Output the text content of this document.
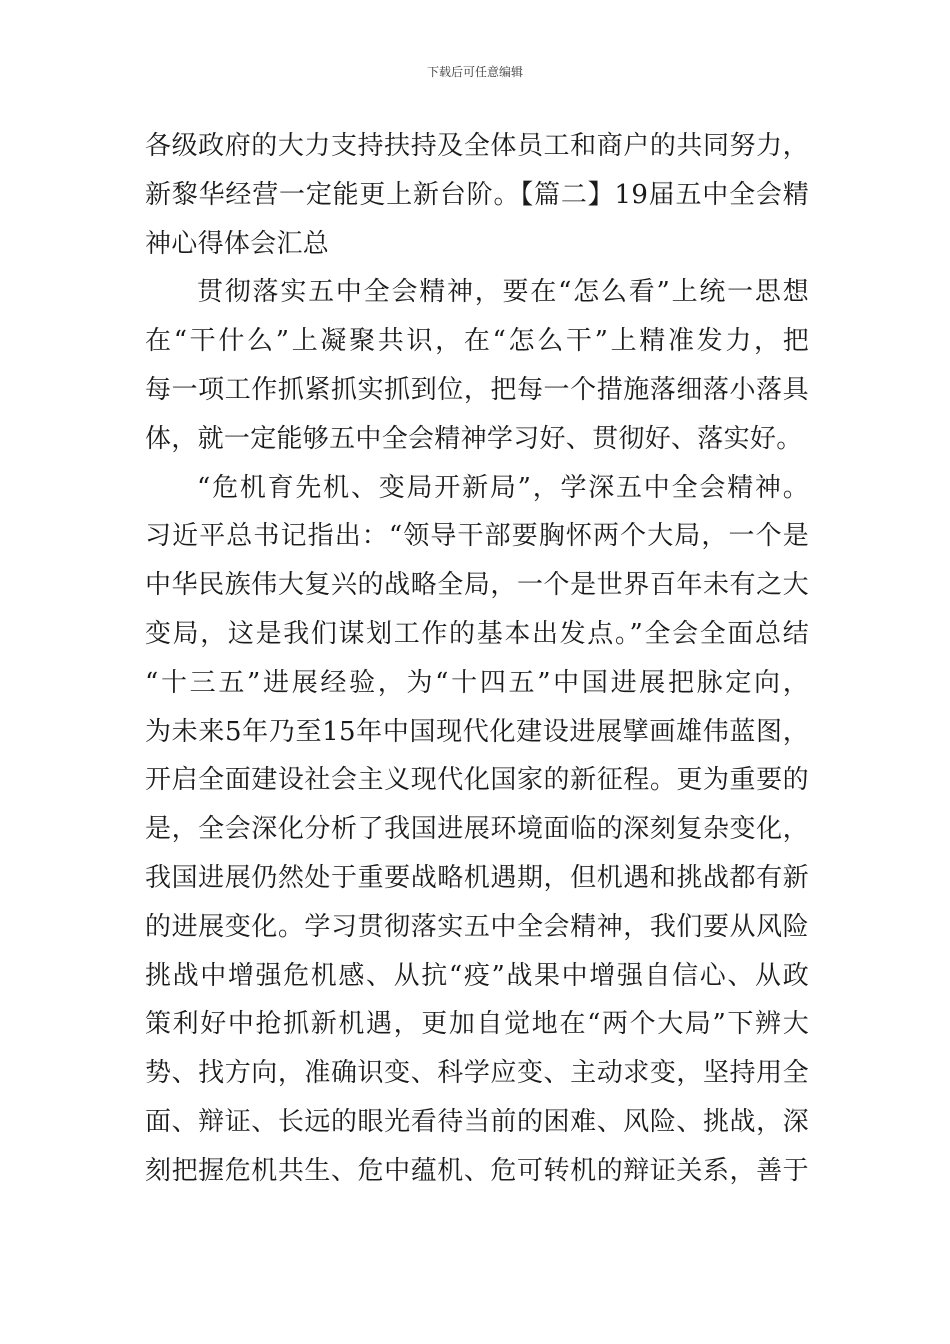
下载后可任意编辑
各级政府的大力支持扶持及全体员工和商户的共同努力，
新黎华经营一定能更上新台阶。【篇二】19届五中全会精
神心得体会汇总
贯彻落实五中全会精神，要在“怎么看”上统一思想
在“干什么”上凝聚共识，在“怎么干”上精准发力，把
每一项工作抓紧抓实抓到位，把每一个措施落细落小落具
体，就一定能够五中全会精神学习好、贯彻好、落实好。
“危机育先机、变局开新局”，学深五中全会精神。
习近平总书记指出：“领导干部要胸怀两个大局，一个是
中华民族伟大复兴的战略全局，一个是世界百年未有之大
变局，这是我们谋划工作的基本出发点。”全会全面总结
“十三五”进展经验，为“十四五”中国进展把脉定向，
为未来5年乃至15年中国现代化建设进展擘画雄伟蓝图，
开启全面建设社会主义现代化国家的新征程。更为重要的
是，全会深化分析了我国进展环境面临的深刻复杂变化，
我国进展仍然处于重要战略机遇期，但机遇和挑战都有新
的进展变化。学习贯彻落实五中全会精神，我们要从风险
挑战中增强危机感、从抗“疫”战果中增强自信心、从政
策利好中抢抓新机遇，更加自觉地在“两个大局”下辨大
势、找方向，准确识变、科学应变、主动求变，坚持用全
面、辩证、长远的眼光看待当前的困难、风险、挑战，深
刻把握危机共生、危中蕴机、危可转机的辩证关系，善于
